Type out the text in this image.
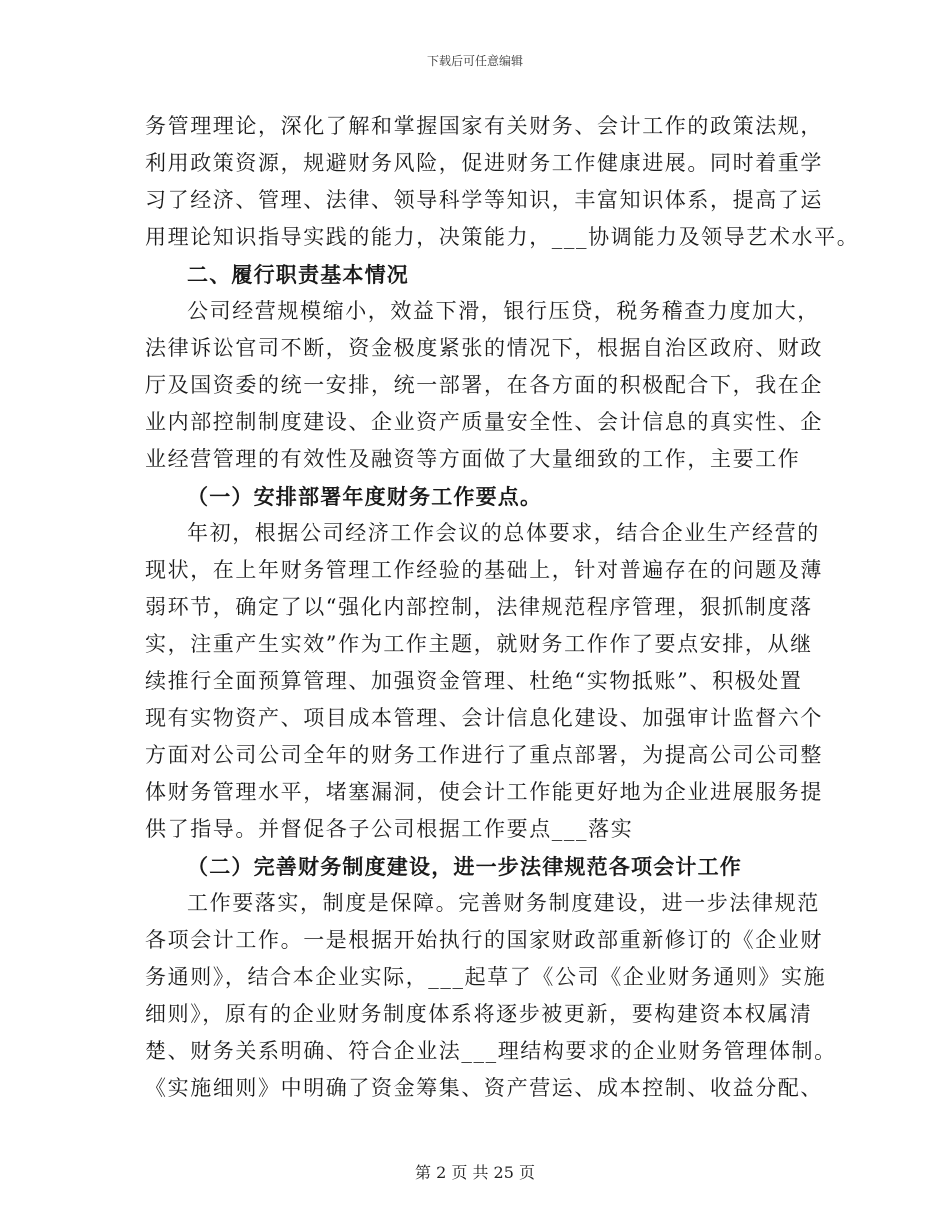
下载后可任意编辑
务管理理论，深化了解和掌握国家有关财务、会计工作的政策法规，
利用政策资源，规避财务风险，促进财务工作健康进展。同时着重学
习了经济、管理、法律、领导科学等知识，丰富知识体系，提高了运
用理论知识指导实践的能力，决策能力，___协调能力及领导艺术水平。
二、履行职责基本情况
公司经营规模缩小，效益下滑，银行压贷，税务稽查力度加大，
法律诉讼官司不断，资金极度紧张的情况下，根据自治区政府、财政
厅及国资委的统一安排，统一部署，在各方面的积极配合下，我在企
业内部控制制度建设、企业资产质量安全性、会计信息的真实性、企
业经营管理的有效性及融资等方面做了大量细致的工作，主要工作
（一）安排部署年度财务工作要点。
年初，根据公司经济工作会议的总体要求，结合企业生产经营的
现状，在上年财务管理工作经验的基础上，针对普遍存在的问题及薄
弱环节，确定了以“强化内部控制，法律规范程序管理，狠抓制度落
实，注重产生实效”作为工作主题，就财务工作作了要点安排，从继
续推行全面预算管理、加强资金管理、杜绝“实物抵账”、积极处置
现有实物资产、项目成本管理、会计信息化建设、加强审计监督六个
方面对公司公司全年的财务工作进行了重点部署，为提高公司公司整
体财务管理水平，堵塞漏洞，使会计工作能更好地为企业进展服务提
供了指导。并督促各子公司根据工作要点___落实
（二）完善财务制度建设，进一步法律规范各项会计工作
工作要落实，制度是保障。完善财务制度建设，进一步法律规范
各项会计工作。一是根据开始执行的国家财政部重新修订的《企业财
务通则》，结合本企业实际，___起草了《公司《企业财务通则》实施
细则》，原有的企业财务制度体系将逐步被更新，要构建资本权属清
楚、财务关系明确、符合企业法___理结构要求的企业财务管理体制。
《实施细则》中明确了资金筹集、资产营运、成本控制、收益分配、
第 2 页 共 25 页
